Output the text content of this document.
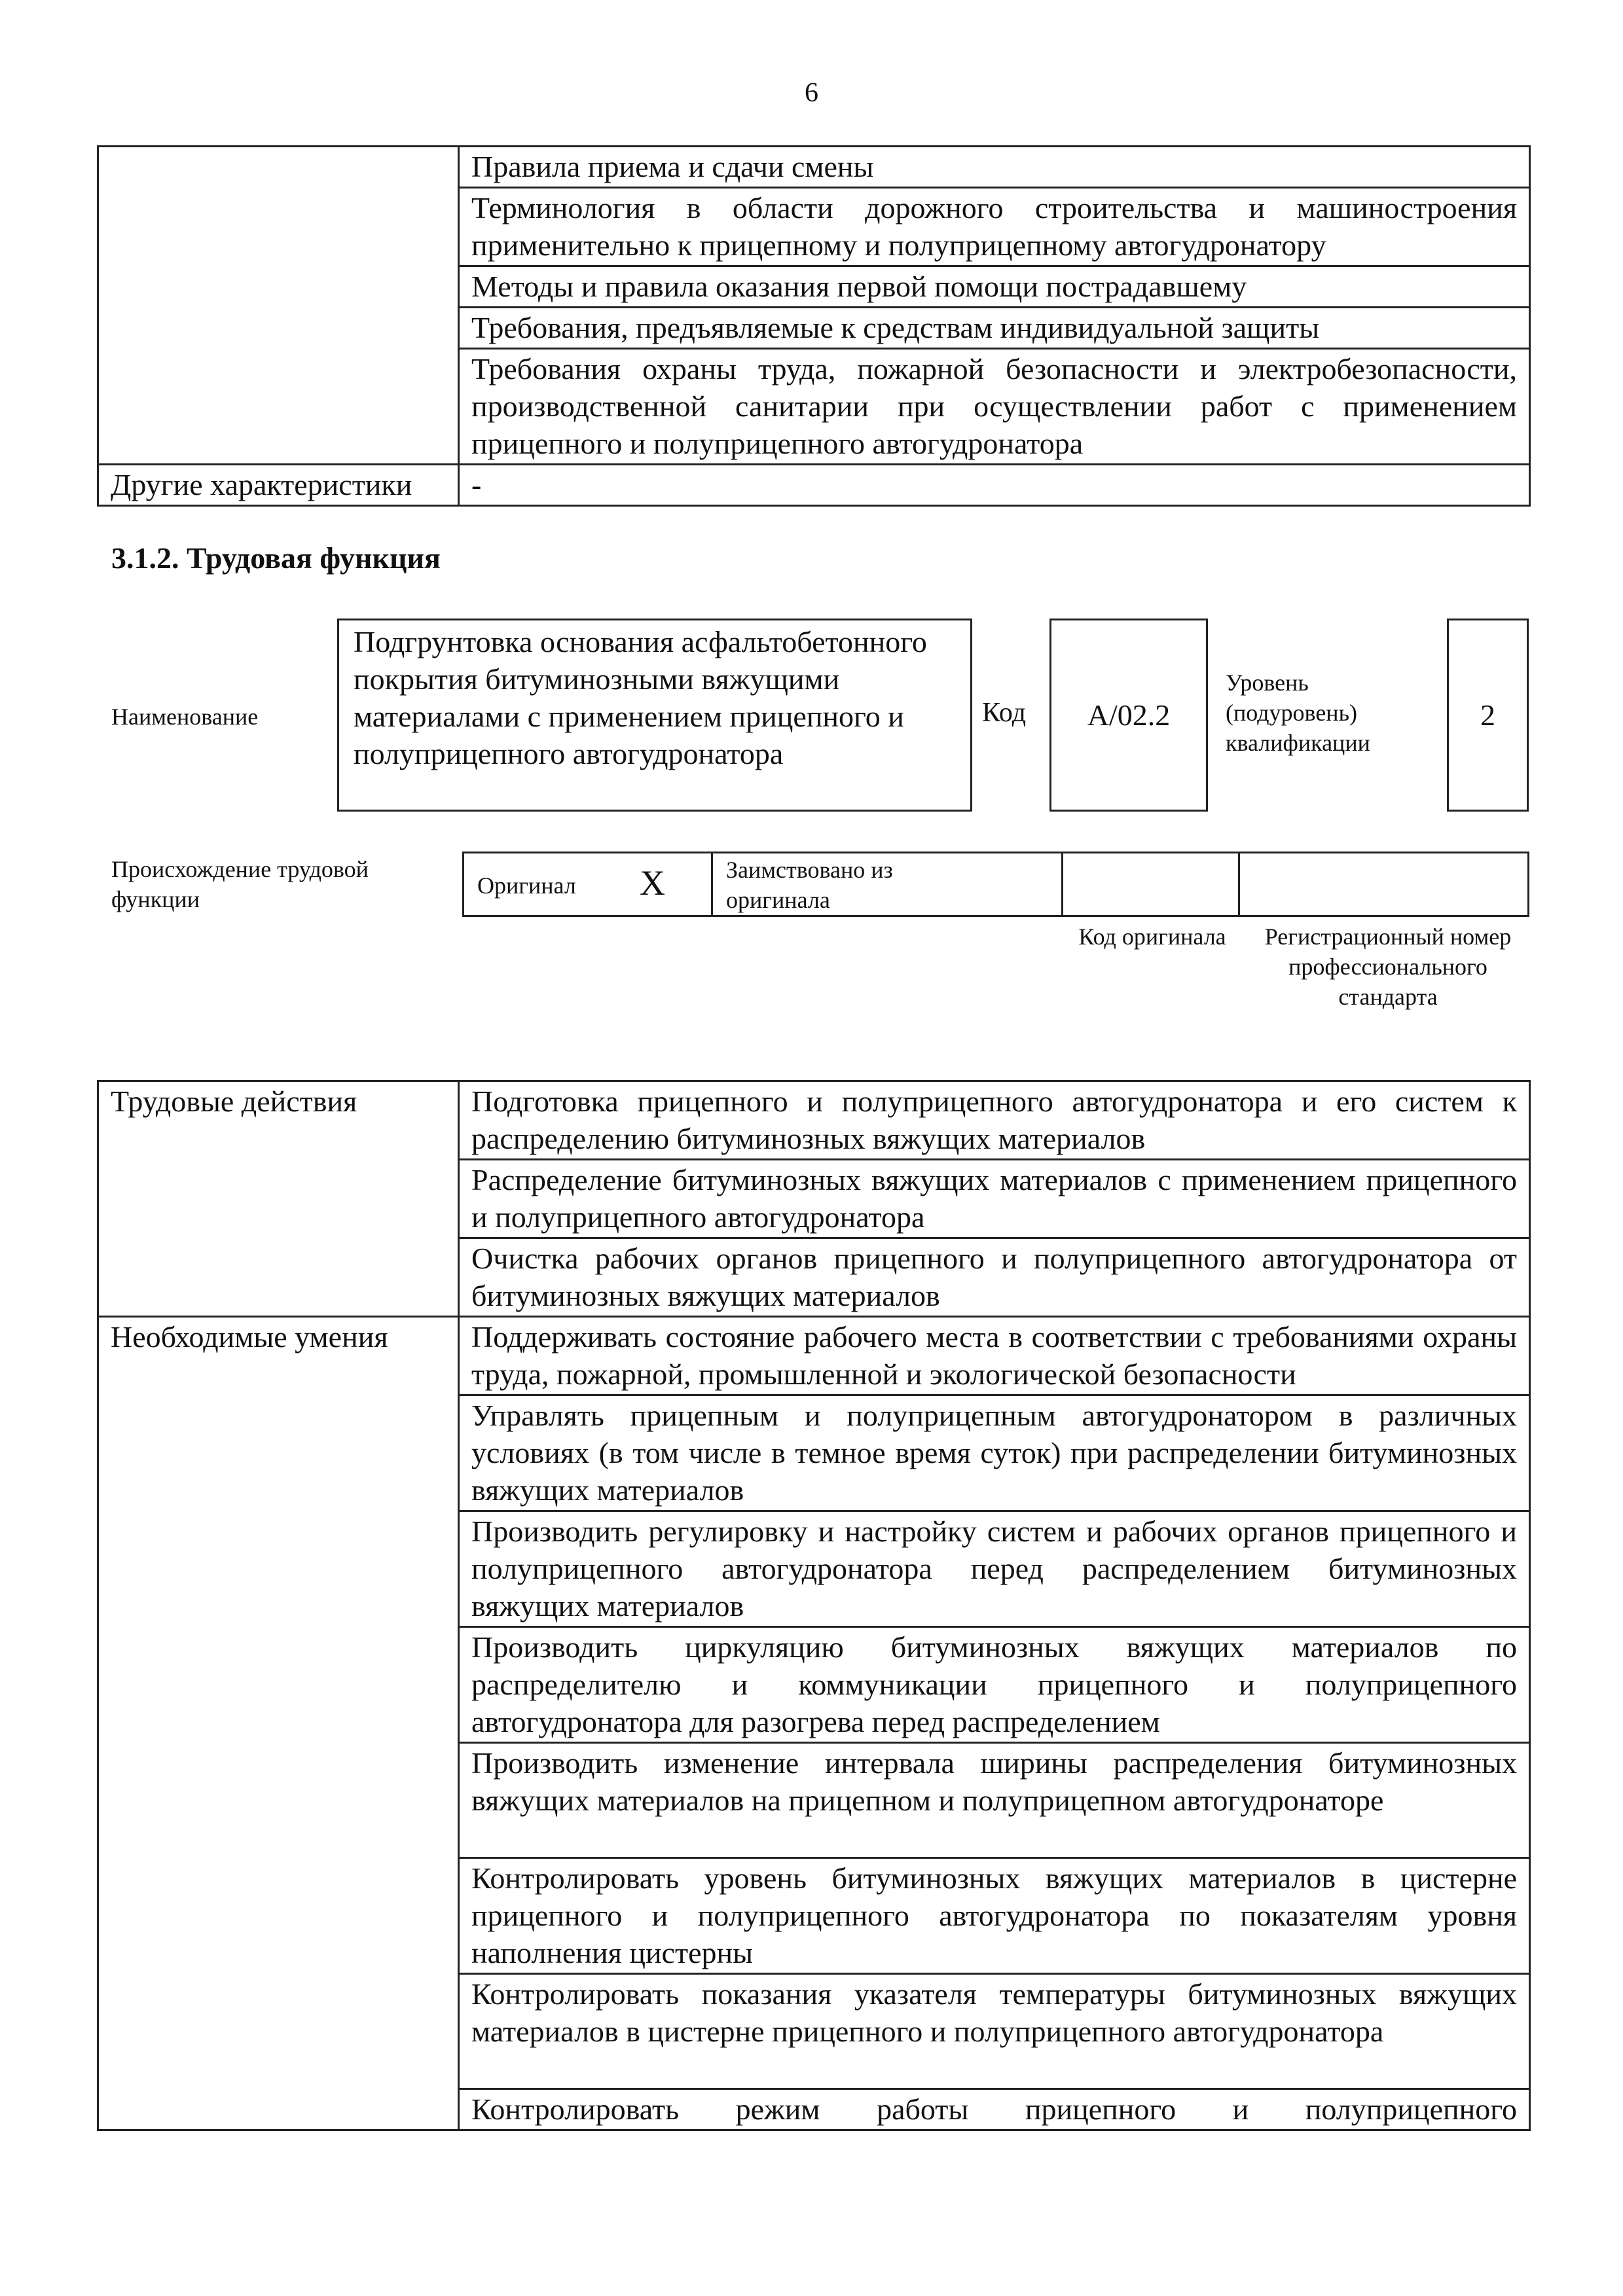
6
	Правила приема и сдачи смены
	Терминология в области дорожного строительства и машиностроения применительно к прицепному и полуприцепному автогудронатору
	Методы и правила оказания первой помощи пострадавшему
	Требования, предъявляемые к средствам индивидуальной защиты
	Требования охраны труда, пожарной безопасности и электробезопасности, производственной санитарии при осуществлении работ с применением прицепного и полуприцепного автогудронатора
Другие характеристики	-
3.1.2. Трудовая функция
Наименование
Подгрунтовка основания асфальтобетонного покрытия битуминозными вяжущими материалами с применением прицепного и полуприцепного автогудронатора
Код	А/02.2
Уровень (подуровень) квалификации
2
Происхождение трудовой функции
Оригинал X	Заимствовано из оригинала
Код оригинала	Регистрационный номер профессионального стандарта
Трудовые действия	Подготовка прицепного и полуприцепного автогудронатора и его систем к распределению битуминозных вяжущих материалов
	Распределение битуминозных вяжущих материалов с применением прицепного и полуприцепного автогудронатора
	Очистка рабочих органов прицепного и полуприцепного автогудронатора от битуминозных вяжущих материалов
Необходимые умения	Поддерживать состояние рабочего места в соответствии с требованиями охраны труда, пожарной, промышленной и экологической безопасности
	Управлять прицепным и полуприцепным автогудронатором в различных условиях (в том числе в темное время суток) при распределении битуминозных вяжущих материалов
	Производить регулировку и настройку систем и рабочих органов прицепного и полуприцепного автогудронатора перед распределением битуминозных вяжущих материалов
	Производить циркуляцию битуминозных вяжущих материалов по распределителю и коммуникации прицепного и полуприцепного автогудронатора для разогрева перед распределением
	Производить изменение интервала ширины распределения битуминозных вяжущих материалов на прицепном и полуприцепном автогудронаторе
	Контролировать уровень битуминозных вяжущих материалов в цистерне прицепного и полуприцепного автогудронатора по показателям уровня наполнения цистерны
	Контролировать показания указателя температуры битуминозных вяжущих материалов в цистерне прицепного и полуприцепного автогудронатора
	Контролировать режим работы прицепного и полуприцепного
